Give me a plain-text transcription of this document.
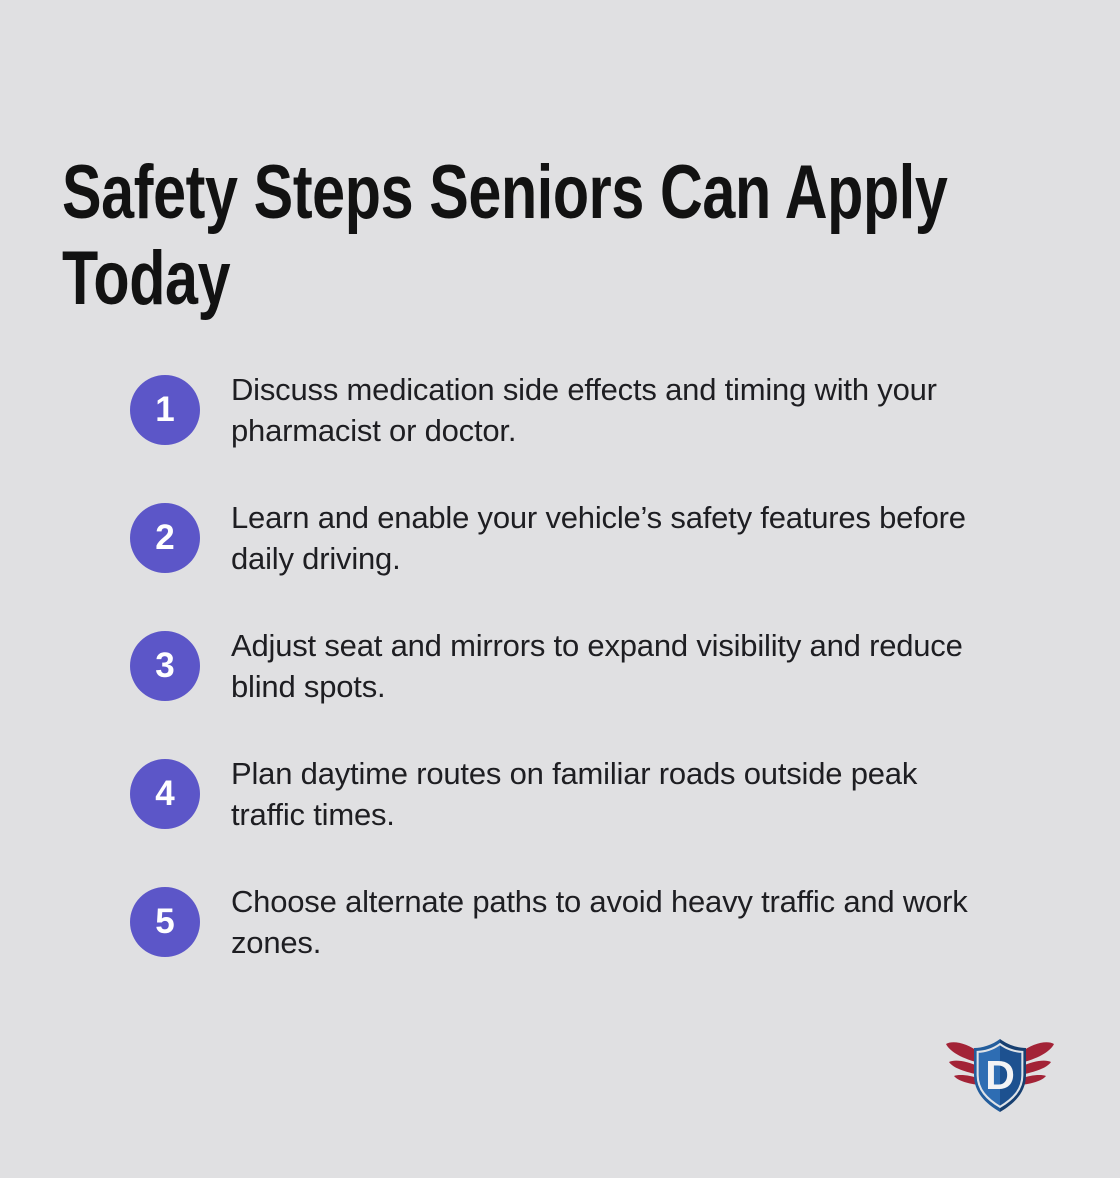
Safety Steps Seniors Can Apply
Today
1

Discuss medication side effects and timing with your
pharmacist or doctor.

2

Learn and enable your vehicle’s safety features before
daily driving.

3

Adjust seat and mirrors to expand visibility and reduce
blind spots.

4

Plan daytime routes on familiar roads outside peak
traffic times.

5

Choose alternate paths to avoid heavy traffic and work
zones.

D
